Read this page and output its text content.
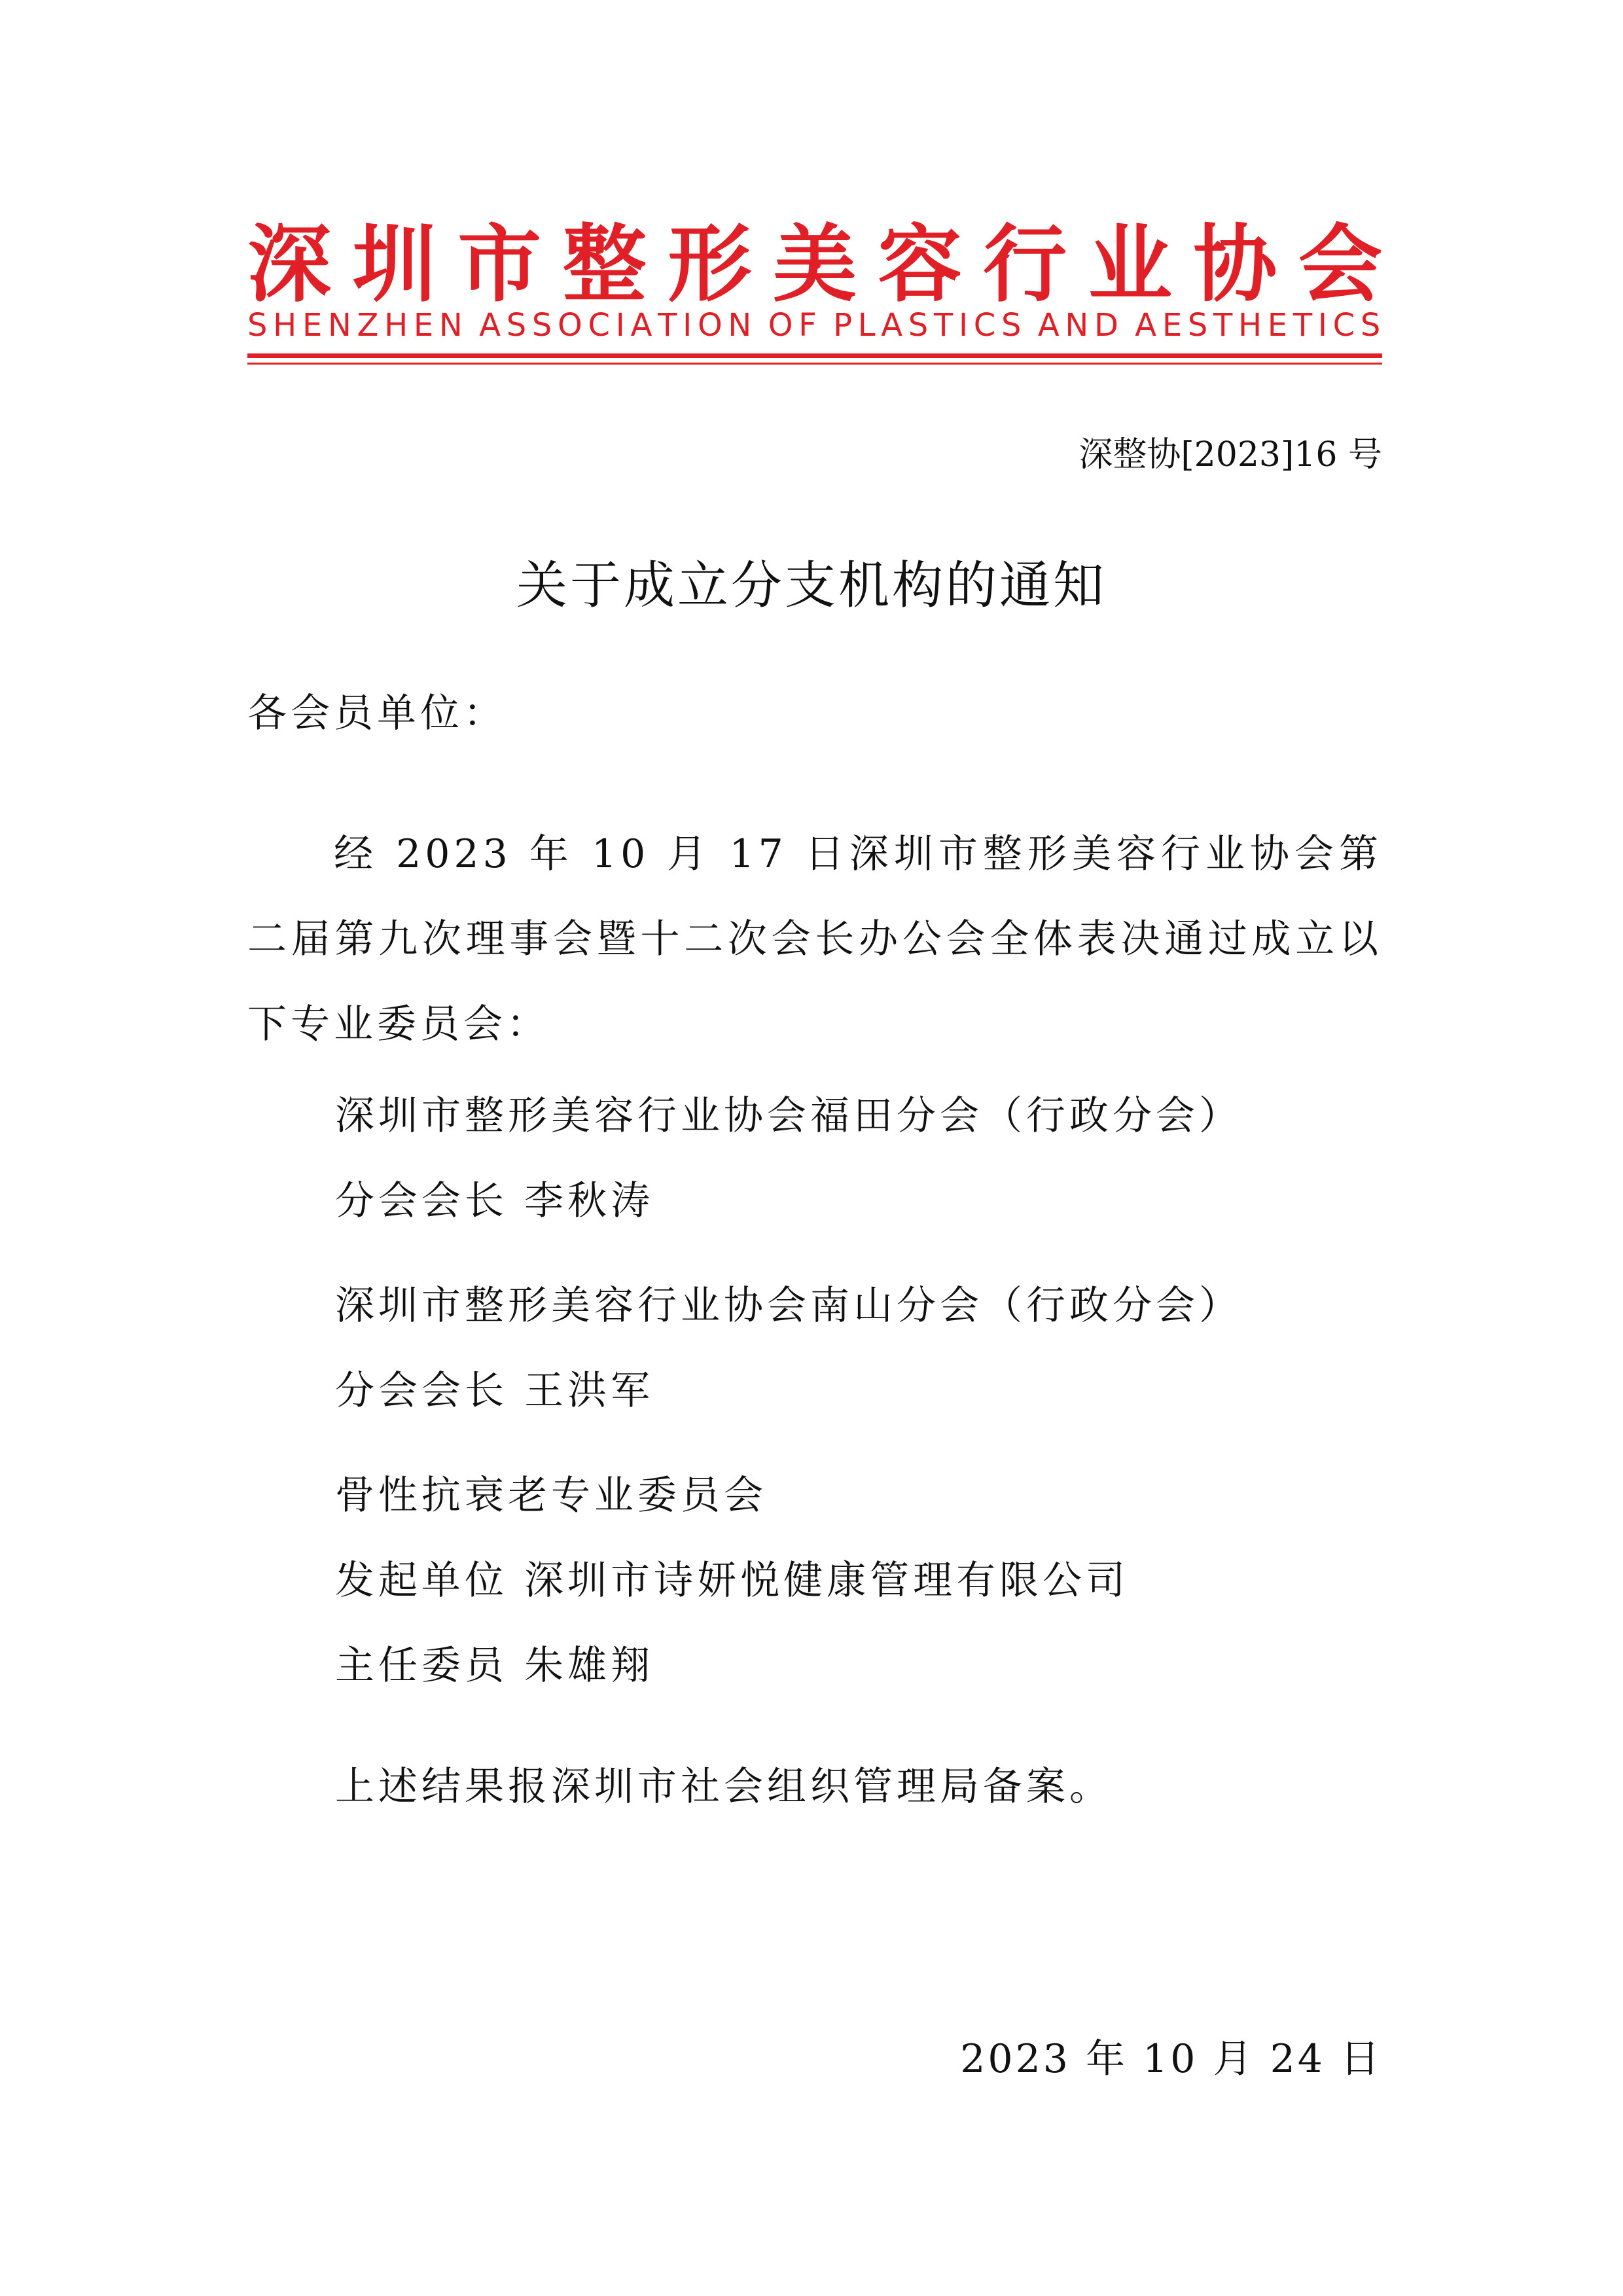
深 圳 市 整 形 美 容 行 业 协 会
S H E N Z H E N A S S O C I A T I O N O F P L A S T I C S A N D A E S T H E T I C S
深整协[2023]16 号
关于成立分支机构的通知
各会员单位：
经 2023 年 10 月 17 日深圳市整形美容行业协会第二届第九次理事会暨十二次会长办公会全体表决通过成立以下专业委员会：
深圳市整形美容行业协会福田分会（行政分会）
分会会长 李秋涛
深圳市整形美容行业协会南山分会（行政分会）
分会会长 王洪军
骨性抗衰老专业委员会
发起单位 深圳市诗妍悦健康管理有限公司
主任委员 朱雄翔
上述结果报深圳市社会组织管理局备案。
2023 年 10 月 24 日
